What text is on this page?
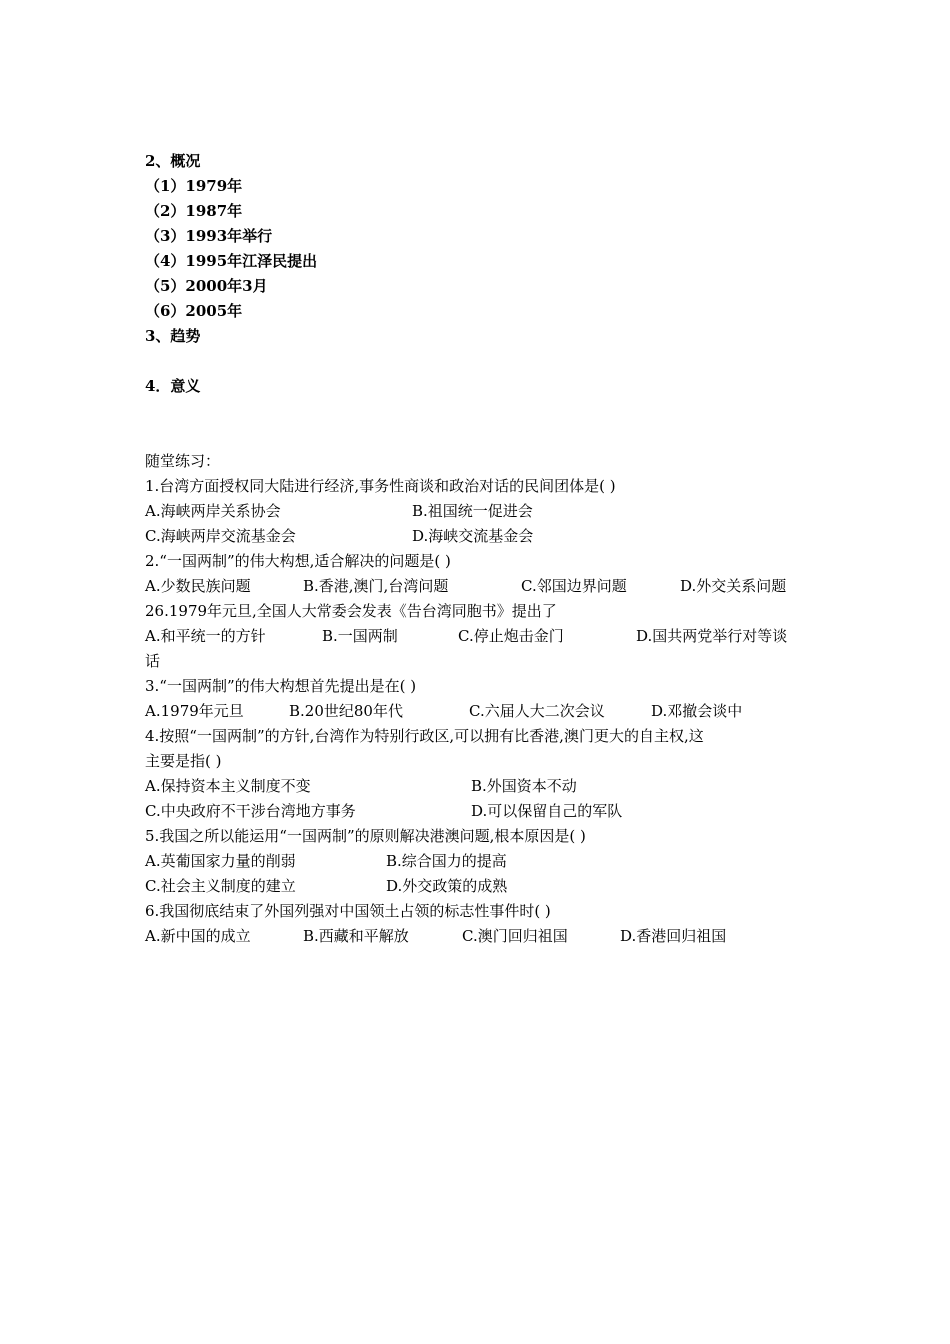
2、概况
（1）1979年
（2）1987年
（3）1993年举行
（4）1995年江泽民提出
（5）2000年3月
（6）2005年
3、趋势
4．意义
随堂练习：
1.台湾方面授权同大陆进行经济,事务性商谈和政治对话的民间团体是( )
A.海峡两岸关系协会	B.祖国统一促进会
C.海峡两岸交流基金会	D.海峡交流基金会
2.“一国两制”的伟大构想,适合解决的问题是( )
A.少数民族问题	B.香港,澳门,台湾问题	C.邻国边界问题	D.外交关系问题
26.1979年元旦,全国人大常委会发表《告台湾同胞书》提出了
A.和平统一的方针	B.一国两制	C.停止炮击金门	D.国共两党举行对等谈
话
3.“一国两制”的伟大构想首先提出是在( )
A.1979年元旦	B.20世纪80年代	C.六届人大二次会议	D.邓撤会谈中
4.按照“一国两制”的方针,台湾作为特别行政区,可以拥有比香港,澳门更大的自主权,这
主要是指( )
A.保持资本主义制度不变	B.外国资本不动
C.中央政府不干涉台湾地方事务	D.可以保留自己的军队
5.我国之所以能运用“一国两制”的原则解决港澳问题,根本原因是( )
A.英葡国家力量的削弱	B.综合国力的提高
C.社会主义制度的建立	D.外交政策的成熟
6.我国彻底结束了外国列强对中国领土占领的标志性事件时( )
A.新中国的成立	B.西藏和平解放	C.澳门回归祖国	D.香港回归祖国
